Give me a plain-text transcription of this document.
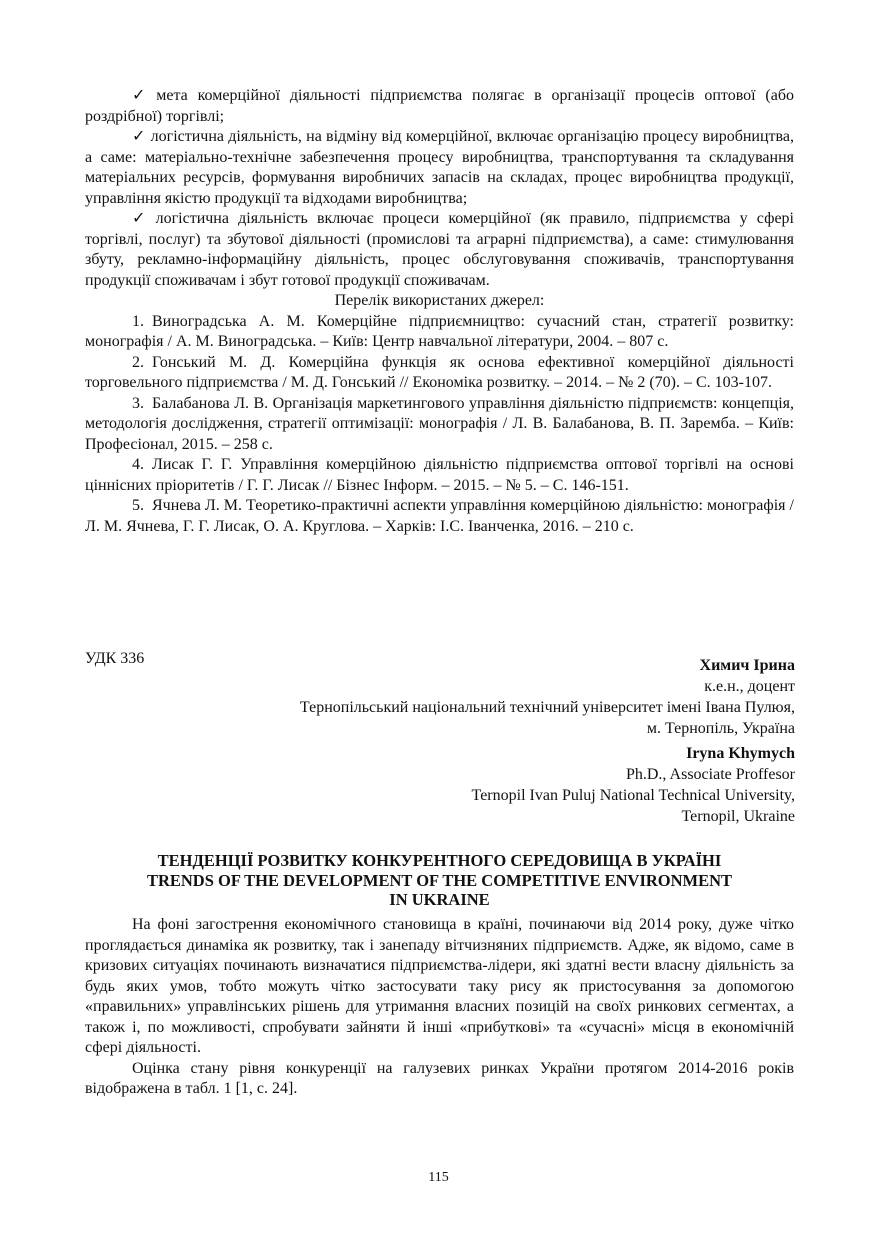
✓ мета комерційної діяльності підприємства полягає в організації процесів оптової (або роздрібної) торгівлі;

✓ логістична діяльність, на відміну від комерційної, включає організацію процесу виробництва, а саме: матеріально-технічне забезпечення процесу виробництва, транспортування та складування матеріальних ресурсів, формування виробничих запасів на складах, процес виробництва продукції, управління якістю продукції та відходами виробництва;

✓ логістична діяльність включає процеси комерційної (як правило, підприємства у сфері торгівлі, послуг) та збутової діяльності (промислові та аграрні підприємства), а саме: стимулювання збуту, рекламно-інформаційну діяльність, процес обслуговування споживачів, транспортування продукції споживачам і збут готової продукції споживачам.

Перелік використаних джерел:

1. Виноградська А. М. Комерційне підприємництво: сучасний стан, стратегії розвитку: монографія / А. М. Виноградська. – Київ: Центр навчальної літератури, 2004. – 807 с.

2. Гонський М. Д. Комерційна функція як основа ефективної комерційної діяльності торговельного підприємства / М. Д. Гонський // Економіка розвитку. – 2014. – № 2 (70). – С. 103-107.

3. Балабанова Л. В. Організація маркетингового управління діяльністю підприємств: концепція, методологія дослідження, стратегії оптимізації: монографія / Л. В. Балабанова, В. П. Заремба. – Київ: Професіонал, 2015. – 258 с.

4. Лисак Г. Г. Управління комерційною діяльністю підприємства оптової торгівлі на основі ціннісних пріоритетів / Г. Г. Лисак // Бізнес Інформ. – 2015. – № 5. – С. 146-151.

5. Ячнева Л. М. Теоретико-практичні аспекти управління комерційною діяльністю: монографія / Л. М. Ячнева, Г. Г. Лисак, О. А. Круглова. – Харків: І.С. Іванченка, 2016. – 210 с.

УДК 336	Химич Ірина
к.е.н., доцент
Тернопільський національний технічний університет імені Івана Пулюя,
м. Тернопіль, Україна
Iryna Khymych
Ph.D., Associate Proffesor
Ternopil Ivan Puluj National Technical University,
Ternopil, Ukraine
ТЕНДЕНЦІЇ РОЗВИТКУ КОНКУРЕНТНОГО СЕРЕДОВИЩА В УКРАЇНІ
TRENDS OF THE DEVELOPMENT OF THE COMPETITIVE ENVIRONMENT IN UKRAINE

На фоні загострення економічного становища в країні, починаючи від 2014 року, дуже чітко проглядається динаміка як розвитку, так і занепаду вітчизняних підприємств. Адже, як відомо, саме в кризових ситуаціях починають визначатися підприємства-лідери, які здатні вести власну діяльність за будь яких умов, тобто можуть чітко застосувати таку рису як пристосування за допомогою «правильних» управлінських рішень для утримання власних позицій на своїх ринкових сегментах, а також і, по можливості, спробувати зайняти й інші «прибуткові» та «сучасні» місця в економічній сфері діяльності.

Оцінка стану рівня конкуренції на галузевих ринках України протягом 2014-2016 років відображена в табл. 1 [1, с. 24].

115
